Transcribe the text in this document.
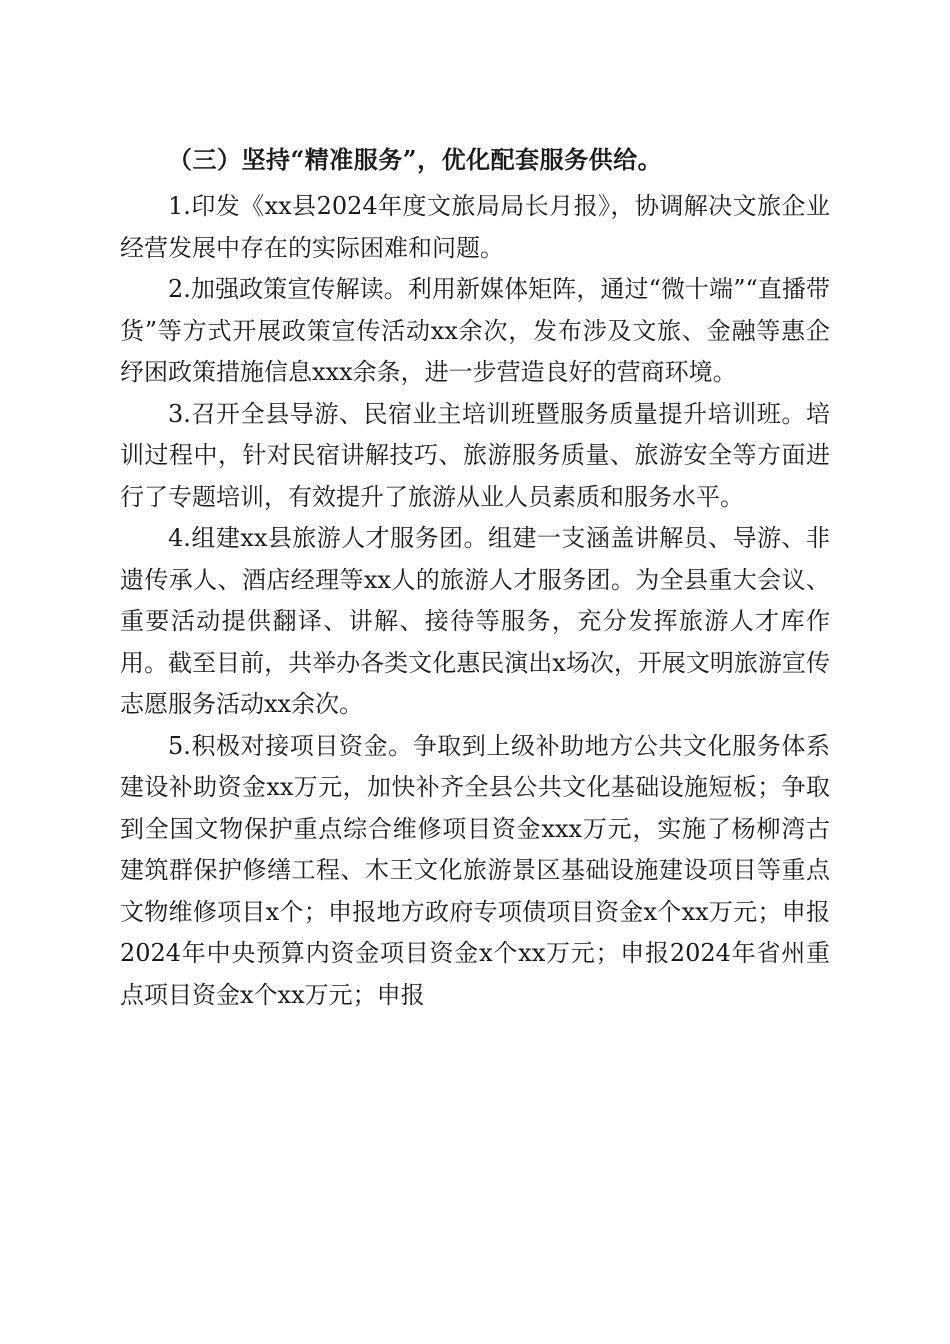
（三）坚持“精准服务”，优化配套服务供给。

1.印发《xx县2024年度文旅局局长月报》，协调解决文旅企业经营发展中存在的实际困难和问题。

2.加强政策宣传解读。利用新媒体矩阵，通过“微十端”“直播带货”等方式开展政策宣传活动xx余次，发布涉及文旅、金融等惠企纾困政策措施信息xxx余条，进一步营造良好的营商环境。

3.召开全县导游、民宿业主培训班暨服务质量提升培训班。培训过程中，针对民宿讲解技巧、旅游服务质量、旅游安全等方面进行了专题培训，有效提升了旅游从业人员素质和服务水平。

4.组建xx县旅游人才服务团。组建一支涵盖讲解员、导游、非遗传承人、酒店经理等xx人的旅游人才服务团。为全县重大会议、重要活动提供翻译、讲解、接待等服务，充分发挥旅游人才库作用。截至目前，共举办各类文化惠民演出x场次，开展文明旅游宣传志愿服务活动xx余次。

5.积极对接项目资金。争取到上级补助地方公共文化服务体系建设补助资金xx万元，加快补齐全县公共文化基础设施短板；争取到全国文物保护重点综合维修项目资金xxx万元，实施了杨柳湾古建筑群保护修缮工程、木王文化旅游景区基础设施建设项目等重点文物维修项目x个；申报地方政府专项债项目资金x个xx万元；申报2024年中央预算内资金项目资金x个xx万元；申报2024年省州重点项目资金x个xx万元；申报
